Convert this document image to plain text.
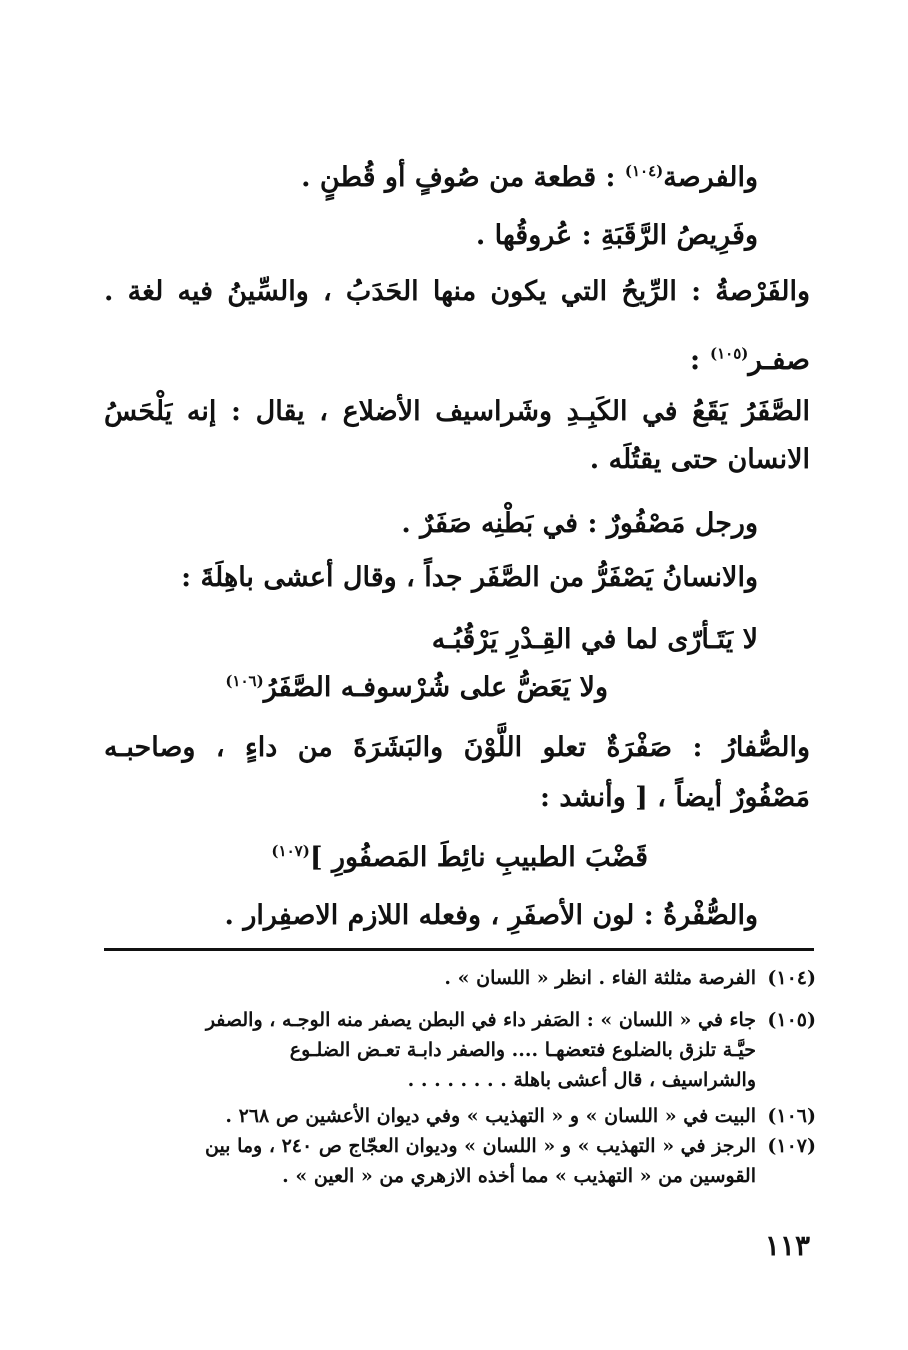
والفرصة$^{(١٠٤)}$ : قطعة من صُوفٍ أو قُطنٍ .
وفَرِيصُ الرَّقَبَةِ : عُروقُها .
والفَرْصةُ : الرِّيحُ التي يكون منها الحَدَبُ ، والسِّينُ فيه لغة .
صفـر$^{(١٠٥)}$ :
الصَّفَرُ يَقَعُ في الكَبِـدِ وشَراسيف الأضلاع ، يقال : إنه يَلْحَسُ
الانسان حتى يقتُلَه .
ورجل مَصْفُورٌ : في بَطْنِه صَفَرٌ .
والانسانُ يَصْفَرُّ من الصَّفَر جداً ، وقال أعشى باهِلَةَ :
لا يَتَـأرّى لما في القِـدْرِ يَرْقُبُـه
ولا يَعَضُّ على شُرْسوفـه الصَّفَرُ$^{(١٠٦)}$
والصُّفارُ : صَفْرَةٌ تعلو اللَّوْنَ والبَشَرَةَ من داءٍ ، وصاحبـه
مَصْفُورٌ أيضاً ، [ وأنشد :
قَضْبَ الطبيبِ نائِطَ المَصفُورِ ]$^{(١٠٧)}$
والصُّفْرةُ : لون الأصفَرِ ، وفعله اللازم الاصفِرار .
(١٠٤)الفرصة مثلثة الفاء . انظر « اللسان » .
(١٠٥)جاء في « اللسان » : الصَفر داء في البطن يصفر منه الوجـه ، والصفر
حيَّـة تلزق بالضلوع فتعضهـا .... والصفر دابـة تعـض الضلـوع
والشراسيف ، قال أعشى باهلة . . . . . . . .
(١٠٦)البيت في « اللسان » و « التهذيب » وفي ديوان الأعشين ص ٢٦٨ .
(١٠٧)الرجز في « التهذيب » و « اللسان » وديوان العجّاج ص ٢٤٠ ، وما بين
القوسين من « التهذيب » مما أخذه الازهري من « العين » .
١١٣
